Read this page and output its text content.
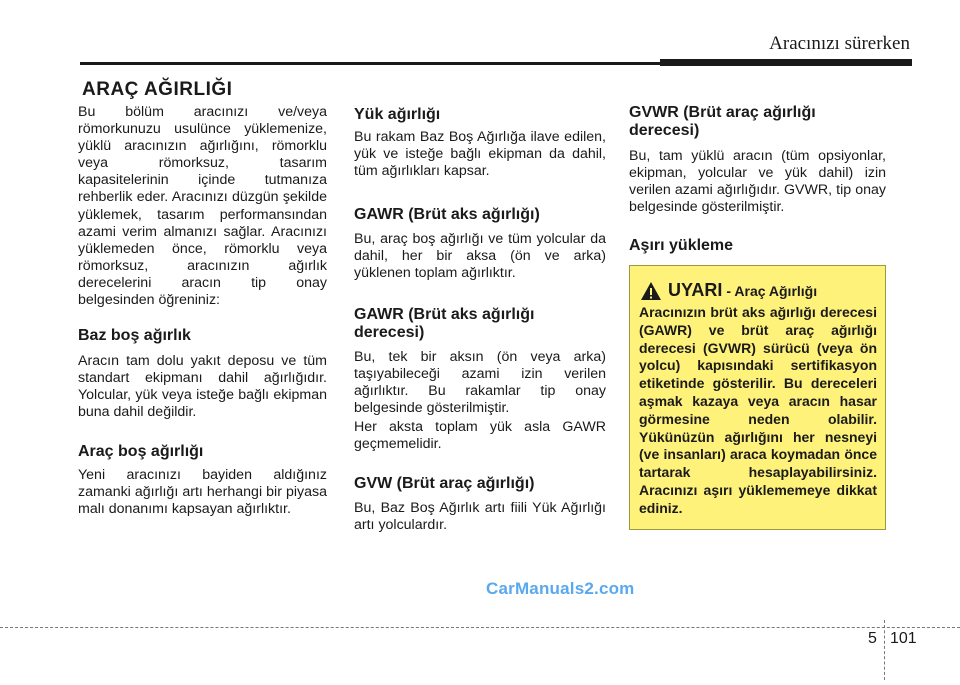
Aracınızı sürerken
ARAÇ AĞIRLIĞI

Bu bölüm aracınızı ve/veya römorkunuzu usulünce yüklemenize, yüklü aracınızın ağırlığını, römorklu veya römorksuz, tasarım kapasitelerinin içinde tutmanıza rehberlik eder. Aracınızı düzgün şekilde yüklemek, tasarım performansından azami verim almanızı sağlar. Aracınızı yüklemeden önce, römorklu veya römorksuz, aracınızın ağırlık derecelerini aracın tip onay belgesinden öğreniniz:

Baz boş ağırlık

Aracın tam dolu yakıt deposu ve tüm standart ekipmanı dahil ağırlığıdır. Yolcular, yük veya isteğe bağlı ekipman buna dahil değildir.

Araç boş ağırlığı

Yeni aracınızı bayiden aldığınız zamanki ağırlığı artı herhangi bir piyasa malı donanımı kapsayan ağırlıktır.

Yük ağırlığı

Bu rakam Baz Boş Ağırlığa ilave edilen, yük ve isteğe bağlı ekipman da dahil, tüm ağırlıkları kapsar.

GAWR (Brüt aks ağırlığı)

Bu, araç boş ağırlığı ve tüm yolcular da dahil, her bir aksa (ön ve arka) yüklenen toplam ağırlıktır.

GAWR (Brüt aks ağırlığı derecesi)

Bu, tek bir aksın (ön veya arka) taşıyabileceği azami izin verilen ağırlıktır. Bu rakamlar tip onay belgesinde gösterilmiştir.

Her aksta toplam yük asla GAWR geçmemelidir.

GVW (Brüt araç ağırlığı)

Bu, Baz Boş Ağırlık artı fiili Yük Ağırlığı artı yolculardır.

GVWR (Brüt araç ağırlığı derecesi)

Bu, tam yüklü aracın (tüm opsiyonlar, ekipman, yolcular ve yük dahil) izin verilen azami ağırlığıdır. GVWR, tip onay belgesinde gösterilmiştir.

Aşırı yükleme
UYARI - Araç Ağırlığı
Aracınızın brüt aks ağırlığı derecesi (GAWR) ve brüt araç ağırlığı derecesi (GVWR) sürücü (veya ön yolcu) kapısındaki sertifikasyon etiketinde gösterilir. Bu dereceleri aşmak kazaya veya aracın hasar görmesine neden olabilir. Yükünüzün ağırlığını her nesneyi (ve insanları) araca koymadan önce tartarak hesaplayabilirsiniz. Aracınızı aşırı yüklememeye dikkat ediniz.
CarManuals2.com
5 101
